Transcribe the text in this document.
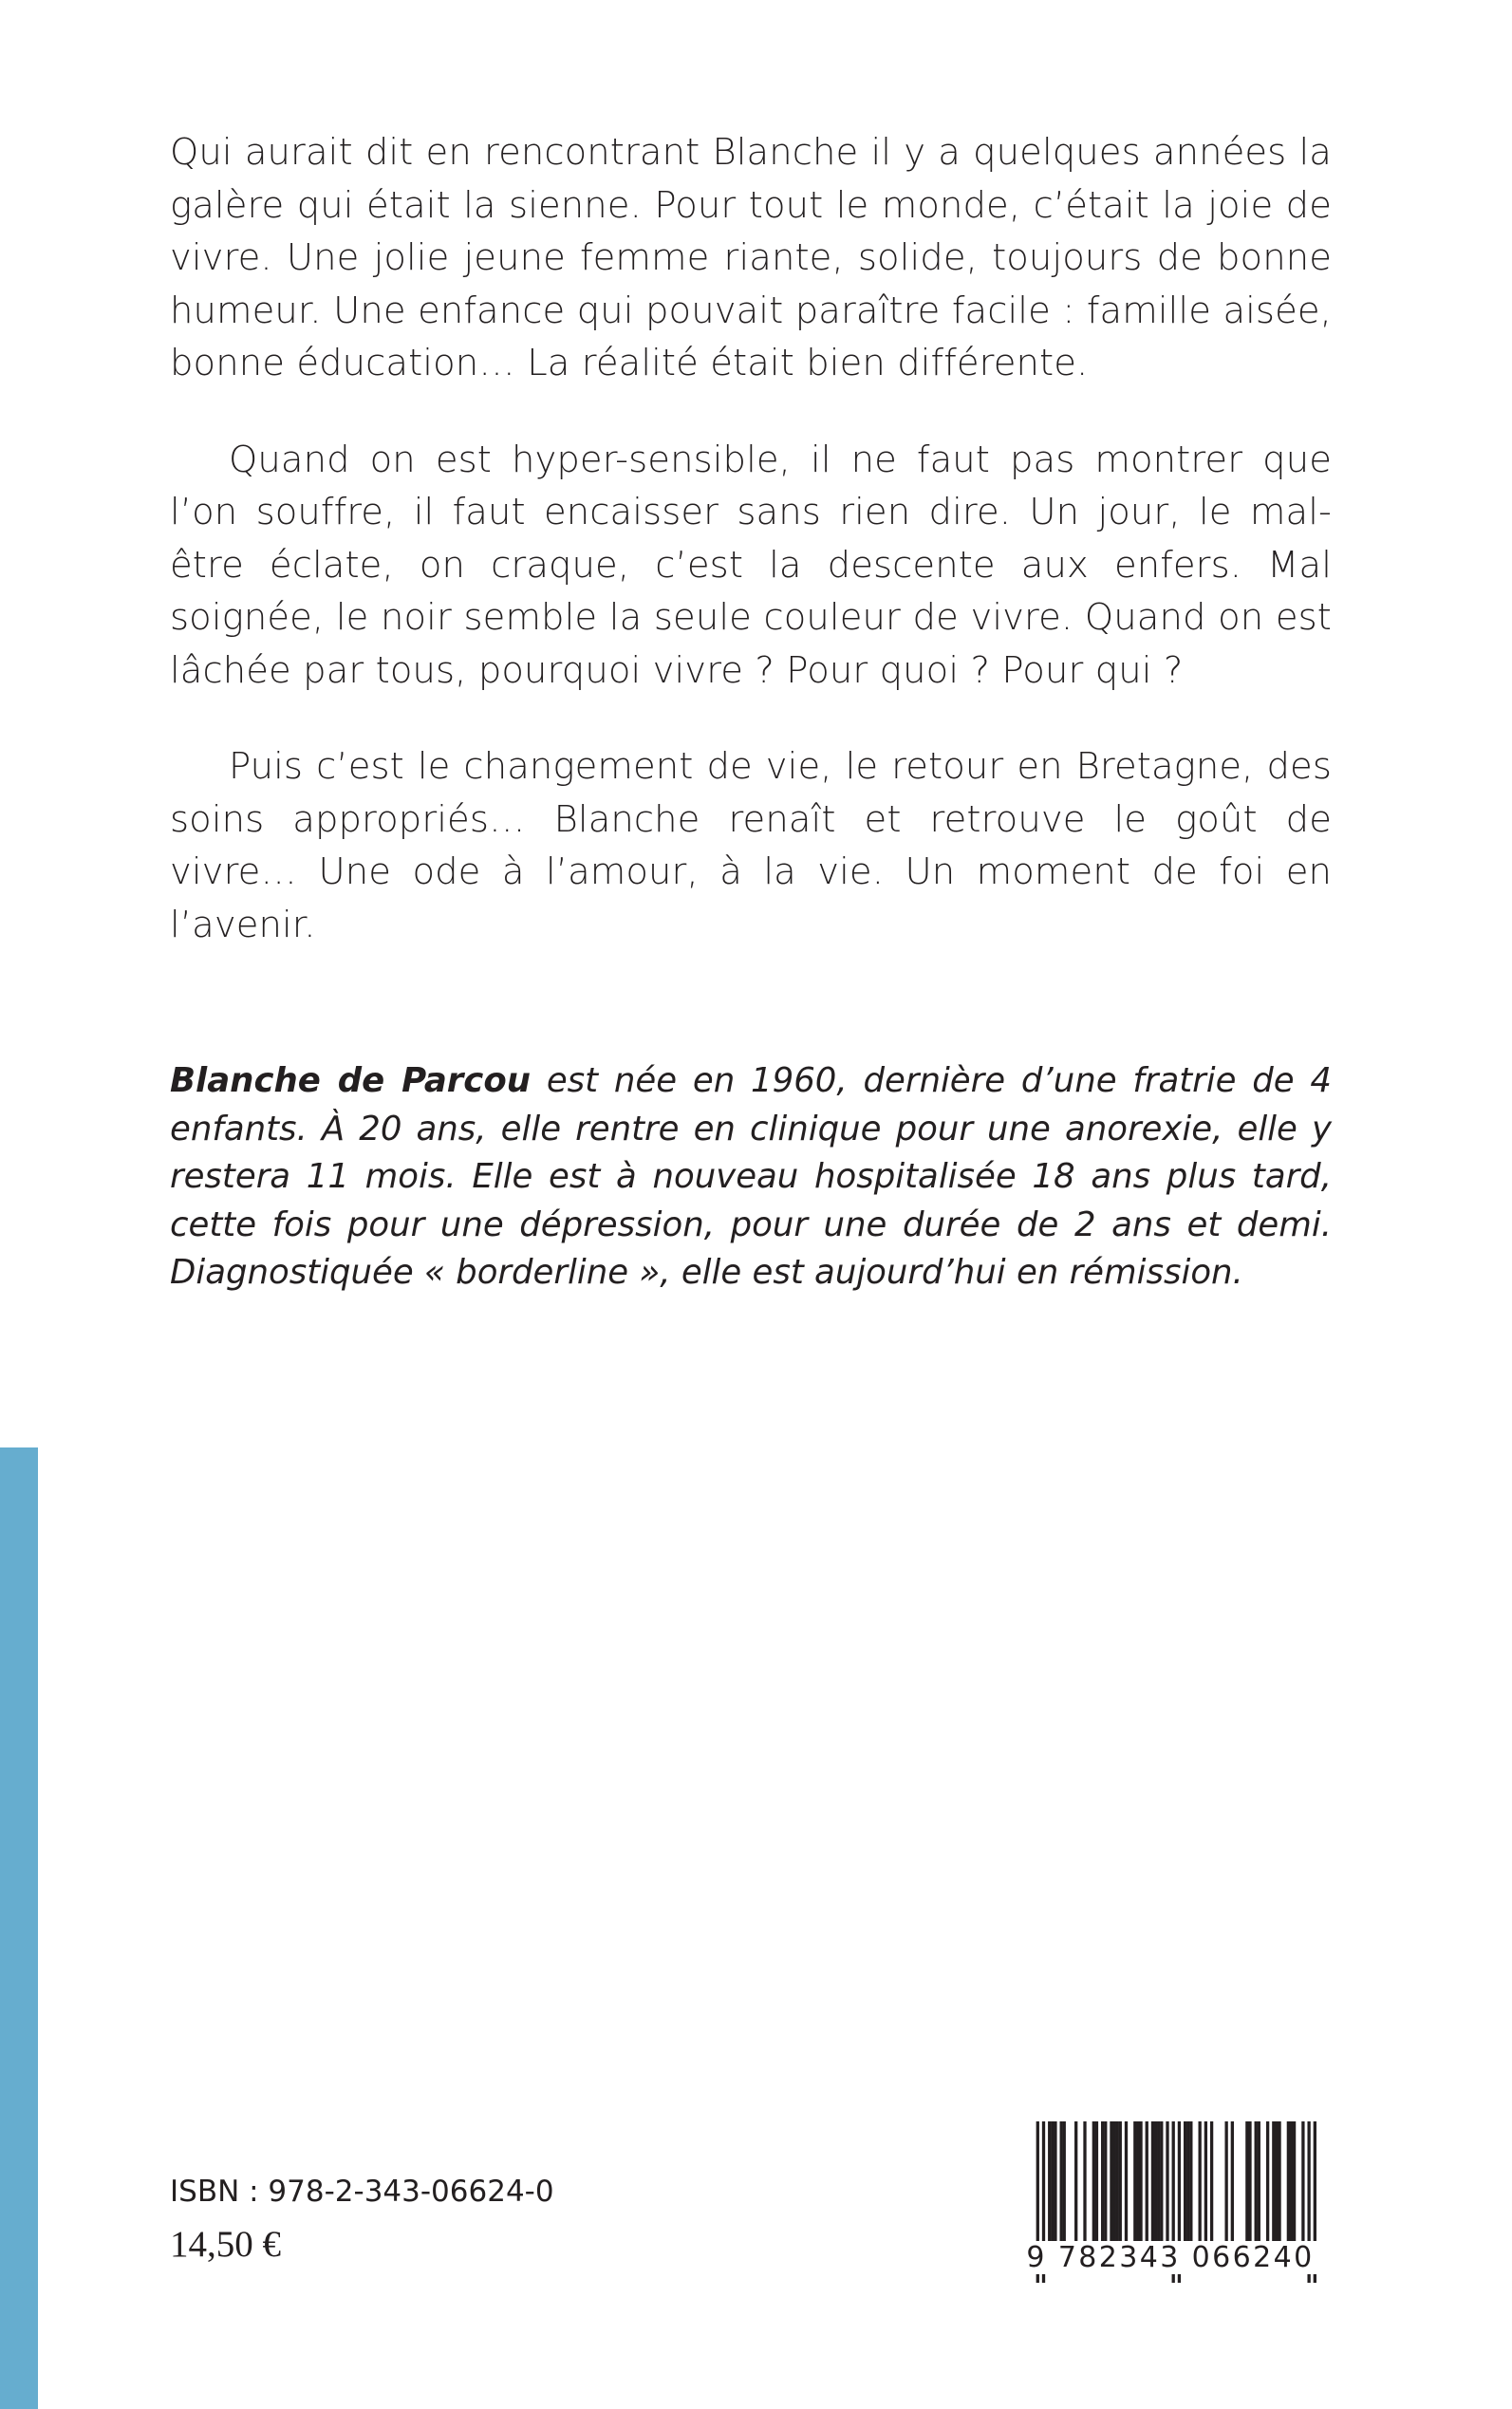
Qui aurait dit en rencontrant Blanche il y a quelques années la galère qui était la sienne. Pour tout le monde, c’était la joie de vivre. Une jolie jeune femme riante, solide, toujours de bonne humeur. Une enfance qui pouvait paraître facile : famille aisée, bonne éducation… La réalité était bien différente.

Quand on est hyper-sensible, il ne faut pas montrer que l’on souffre, il faut encaisser sans rien dire. Un jour, le mal-être éclate, on craque, c’est la descente aux enfers. Mal soignée, le noir semble la seule couleur de vivre. Quand on est lâchée par tous, pourquoi vivre ? Pour quoi ? Pour qui ?

Puis c’est le changement de vie, le retour en Bretagne, des soins appropriés… Blanche renaît et retrouve le goût de vivre… Une ode à l’amour, à la vie. Un moment de foi en l’avenir.

Blanche de Parcou est née en 1960, dernière d’une fratrie de 4 enfants. À 20 ans, elle rentre en clinique pour une anorexie, elle y restera 11 mois. Elle est à nouveau hospitalisée 18 ans plus tard, cette fois pour une dépression, pour une durée de 2 ans et demi. Diagnostiquée « borderline », elle est aujourd’hui en rémission.

ISBN : 978-2-343-06624-0
14,50 €	9 782343 066240
